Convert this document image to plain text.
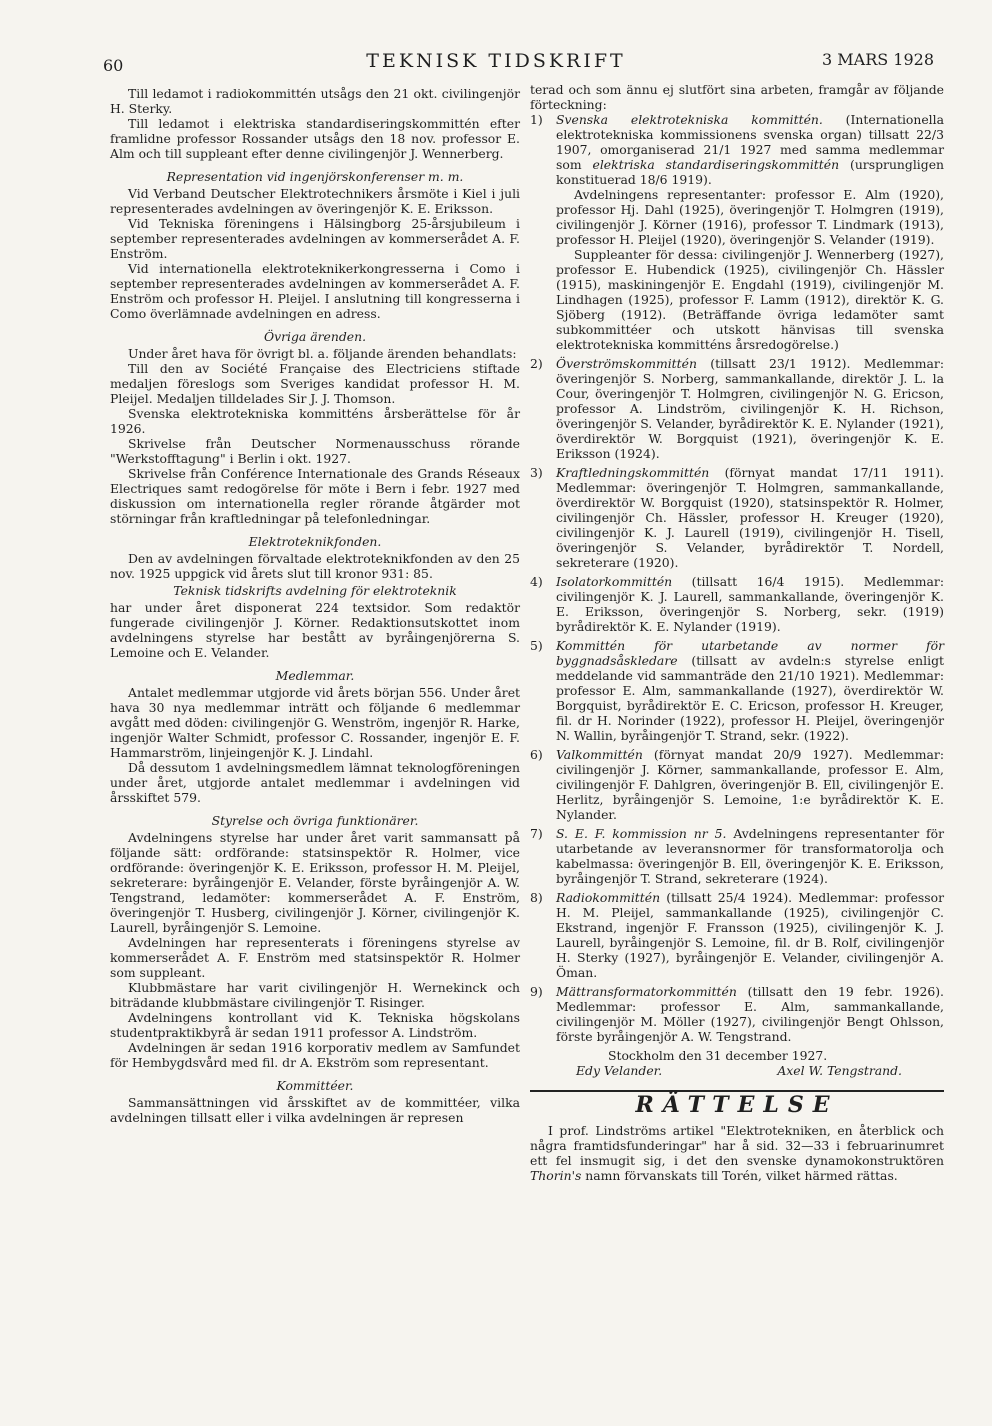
60	TEKNISK TIDSKRIFT	3 MARS 1928

Till ledamot i radiokommittén utsågs den 21 okt. civilingenjör H. Sterky.

Till ledamot i elektriska standardiseringskommittén efter framlidne professor Rossander utsågs den 18 nov. professor E. Alm och till suppleant efter denne civilingenjör J. Wennerberg.

Representation vid ingenjörskonferenser m. m.

Vid Verband Deutscher Elektrotechnikers årsmöte i Kiel i juli representerades avdelningen av överingenjör K. E. Eriksson.

Vid Tekniska föreningens i Hälsingborg 25-årsjubileum i september representerades avdelningen av kommerserådet A. F. Enström.

Vid internationella elektroteknikerkongresserna i Como i september representerades avdelningen av kommerserådet A. F. Enström och professor H. Pleijel. I anslutning till kongresserna i Como överlämnade avdelningen en adress.

Övriga ärenden.

Under året hava för övrigt bl. a. följande ärenden behandlats:

Till den av Société Française des Electriciens stiftade medaljen föreslogs som Sveriges kandidat professor H. M. Pleijel. Medaljen tilldelades Sir J. J. Thomson.

Svenska elektrotekniska kommitténs årsberättelse för år 1926.

Skrivelse från Deutscher Normenausschuss rörande "Werkstofftagung" i Berlin i okt. 1927.

Skrivelse från Conférence Internationale des Grands Réseaux Electriques samt redogörelse för möte i Bern i febr. 1927 med diskussion om internationella regler rörande åtgärder mot störningar från kraftledningar på telefonledningar.

Elektroteknikfonden.

Den av avdelningen förvaltade elektroteknikfonden av den 25 nov. 1925 uppgick vid årets slut till kronor 931: 85.

Teknisk tidskrifts avdelning för elektroteknik

har under året disponerat 224 textsidor. Som redaktör fungerade civilingenjör J. Körner. Redaktionsutskottet inom avdelningens styrelse har bestått av byråingenjörerna S. Lemoine och E. Velander.

Medlemmar.

Antalet medlemmar utgjorde vid årets början 556. Under året hava 30 nya medlemmar inträtt och följande 6 medlemmar avgått med döden: civilingenjör G. Wenström, ingenjör R. Harke, ingenjör Walter Schmidt, professor C. Rossander, ingenjör E. F. Hammarström, linjeingenjör K. J. Lindahl.

Då dessutom 1 avdelningsmedlem lämnat teknologföreningen under året, utgjorde antalet medlemmar i avdelningen vid årsskiftet 579.

Styrelse och övriga funktionärer.

Avdelningens styrelse har under året varit sammansatt på följande sätt: ordförande: statsinspektör R. Holmer, vice ordförande: överingenjör K. E. Eriksson, professor H. M. Pleijel, sekreterare: byråingenjör E. Velander, förste byråingenjör A. W. Tengstrand, ledamöter: kommerserådet A. F. Enström, överingenjör T. Husberg, civilingenjör J. Körner, civilingenjör K. Laurell, byråingenjör S. Lemoine.

Avdelningen har representerats i föreningens styrelse av kommerserådet A. F. Enström med statsinspektör R. Holmer som suppleant.

Klubbmästare har varit civilingenjör H. Wernekinck och biträdande klubbmästare civilingenjör T. Risinger.

Avdelningens kontrollant vid K. Tekniska högskolans studentpraktikbyrå är sedan 1911 professor A. Lindström.

Avdelningen är sedan 1916 korporativ medlem av Samfundet för Hembygdsvård med fil. dr A. Ekström som representant.

Kommittéer.

Sammansättningen vid årsskiftet av de kommittéer, vilka avdelningen tillsatt eller i vilka avdelningen är represen

terad och som ännu ej slutfört sina arbeten, framgår av följande förteckning:

1) Svenska elektrotekniska kommittén. (Internationella elektrotekniska kommissionens svenska organ) tillsatt 22/3 1907, omorganiserad 21/1 1927 med samma medlemmar som elektriska standardiseringskommittén (ursprungligen konstituerad 18/6 1919).
Avdelningens representanter: professor E. Alm (1920), professor Hj. Dahl (1925), överingenjör T. Holmgren (1919), civilingenjör J. Körner (1916), professor T. Lindmark (1913), professor H. Pleijel (1920), överingenjör S. Velander (1919).
Suppleanter för dessa: civilingenjör J. Wennerberg (1927), professor E. Hubendick (1925), civilingenjör Ch. Hässler (1915), maskiningenjör E. Engdahl (1919), civilingenjör M. Lindhagen (1925), professor F. Lamm (1912), direktör K. G. Sjöberg (1912). (Beträffande övriga ledamöter samt subkommittéer och utskott hänvisas till svenska elektrotekniska kommitténs årsredogörelse.)
2) Överströmskommittén (tillsatt 23/1 1912). Medlemmar: överingenjör S. Norberg, sammankallande, direktör J. L. la Cour, överingenjör T. Holmgren, civilingenjör N. G. Ericson, professor A. Lindström, civilingenjör K. H. Richson, överingenjör S. Velander, byrådirektör K. E. Nylander (1921), överdirektör W. Borgquist (1921), överingenjör K. E. Eriksson (1924).
3) Kraftledningskommittén (förnyat mandat 17/11 1911). Medlemmar: överingenjör T. Holmgren, sammankallande, överdirektör W. Borgquist (1920), statsinspektör R. Holmer, civilingenjör Ch. Hässler, professor H. Kreuger (1920), civilingenjör K. J. Laurell (1919), civilingenjör H. Tisell, överingenjör S. Velander, byrådirektör T. Nordell, sekreterare (1920).
4) Isolatorkommittén (tillsatt 16/4 1915). Medlemmar: civilingenjör K. J. Laurell, sammankallande, överingenjör K. E. Eriksson, överingenjör S. Norberg, sekr. (1919) byrådirektör K. E. Nylander (1919).
5) Kommittén för utarbetande av normer för byggnadsåskledare (tillsatt av avdeln:s styrelse enligt meddelande vid sammanträde den 21/10 1921). Medlemmar: professor E. Alm, sammankallande (1927), överdirektör W. Borgquist, byrådirektör E. C. Ericson, professor H. Kreuger, fil. dr H. Norinder (1922), professor H. Pleijel, överingenjör N. Wallin, byråingenjör T. Strand, sekr. (1922).
6) Valkommittén (förnyat mandat 20/9 1927). Medlemmar: civilingenjör J. Körner, sammankallande, professor E. Alm, civilingenjör F. Dahlgren, överingenjör B. Ell, civilingenjör E. Herlitz, byråingenjör S. Lemoine, 1:e byrådirektör K. E. Nylander.
7) S. E. F. kommission nr 5. Avdelningens representanter för utarbetande av leveransnormer för transformatorolja och kabelmassa: överingenjör B. Ell, överingenjör K. E. Eriksson, byråingenjör T. Strand, sekreterare (1924).
8) Radiokommittén (tillsatt 25/4 1924). Medlemmar: professor H. M. Pleijel, sammankallande (1925), civilingenjör C. Ekstrand, ingenjör F. Fransson (1925), civilingenjör K. J. Laurell, byråingenjör S. Lemoine, fil. dr B. Rolf, civilingenjör H. Sterky (1927), byråingenjör E. Velander, civilingenjör A. Öman.
9) Mättransformatorkommittén (tillsatt den 19 febr. 1926). Medlemmar: professor E. Alm, sammankallande, civilingenjör M. Möller (1927), civilingenjör Bengt Ohlsson, förste byråingenjör A. W. Tengstrand.

Stockholm den 31 december 1927.

Edy Velander.	Axel W. Tengstrand.
RÄTTELSE

I prof. Lindströms artikel "Elektrotekniken, en återblick och några framtidsfunderingar" har å sid. 32—33 i februarinumret ett fel insmugit sig, i det den svenske dynamokonstruktören Thorin's namn förvanskats till Torén, vilket härmed rättas.
